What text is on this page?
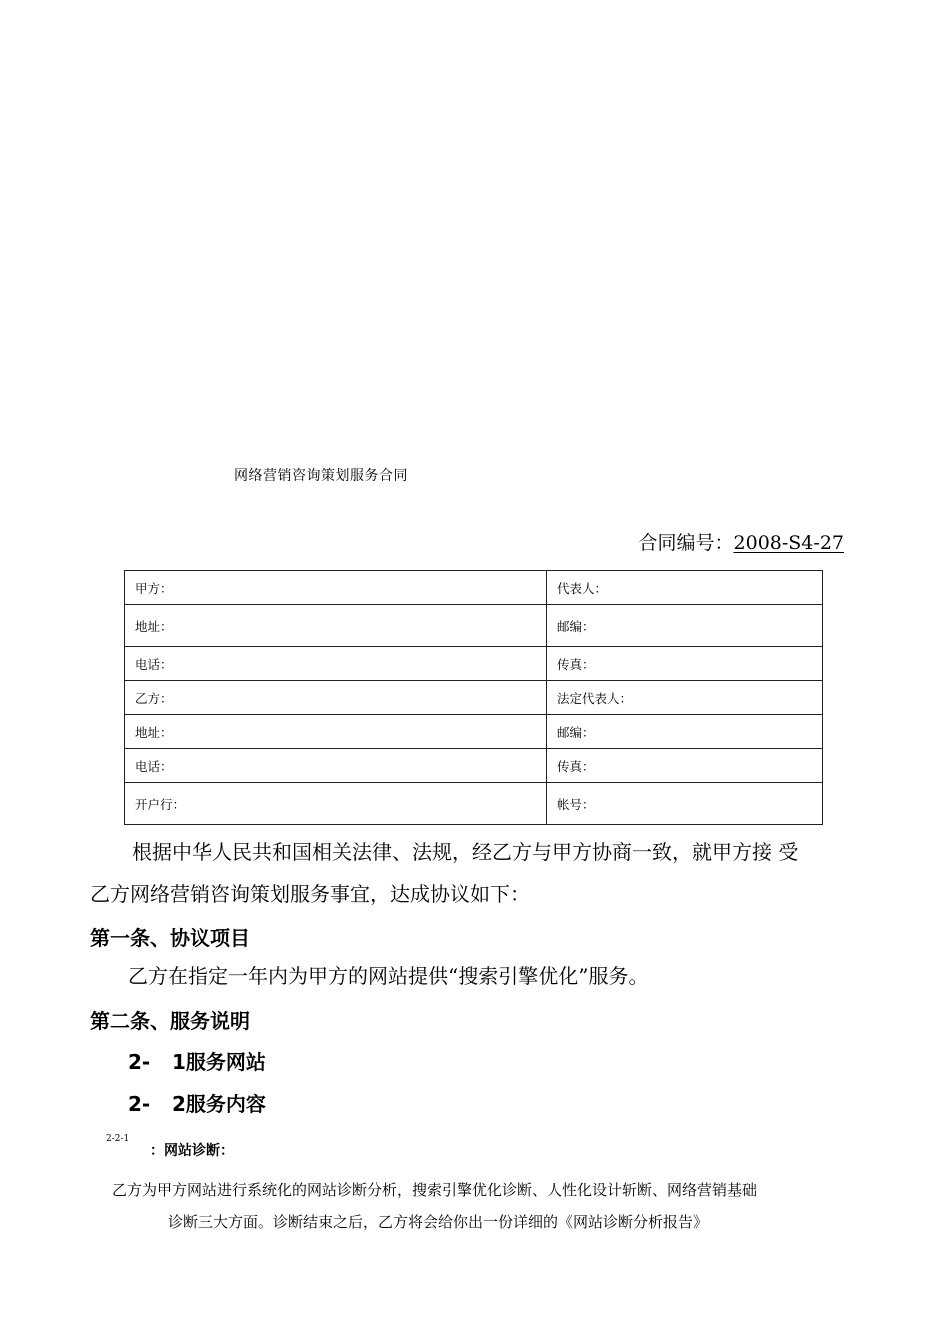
网络营销咨询策划服务合同
合同编号：2008-S4-27
甲方：	代表人：
地址：	邮编：
电话：	传真：
乙方：	法定代表人：
地址：	邮编：
电话：	传真：
开户行：	帐号：
根据中华人民共和国相关法律、法规，经乙方与甲方协商一致，就甲方接 受
乙方网络营销咨询策划服务事宜，达成协议如下：
第一条、协议项目
乙方在指定一年内为甲方的网站提供“搜索引擎优化”服务。
第二条、服务说明
2- 1服务网站
2- 2服务内容
2-2-1
：网站诊断：
乙方为甲方网站进行系统化的网站诊断分析，搜索引擎优化诊断、人性化设计斩断、网络营销基础
诊断三大方面。诊断结束之后，乙方将会给你出一份详细的《网站诊断分析报告》
